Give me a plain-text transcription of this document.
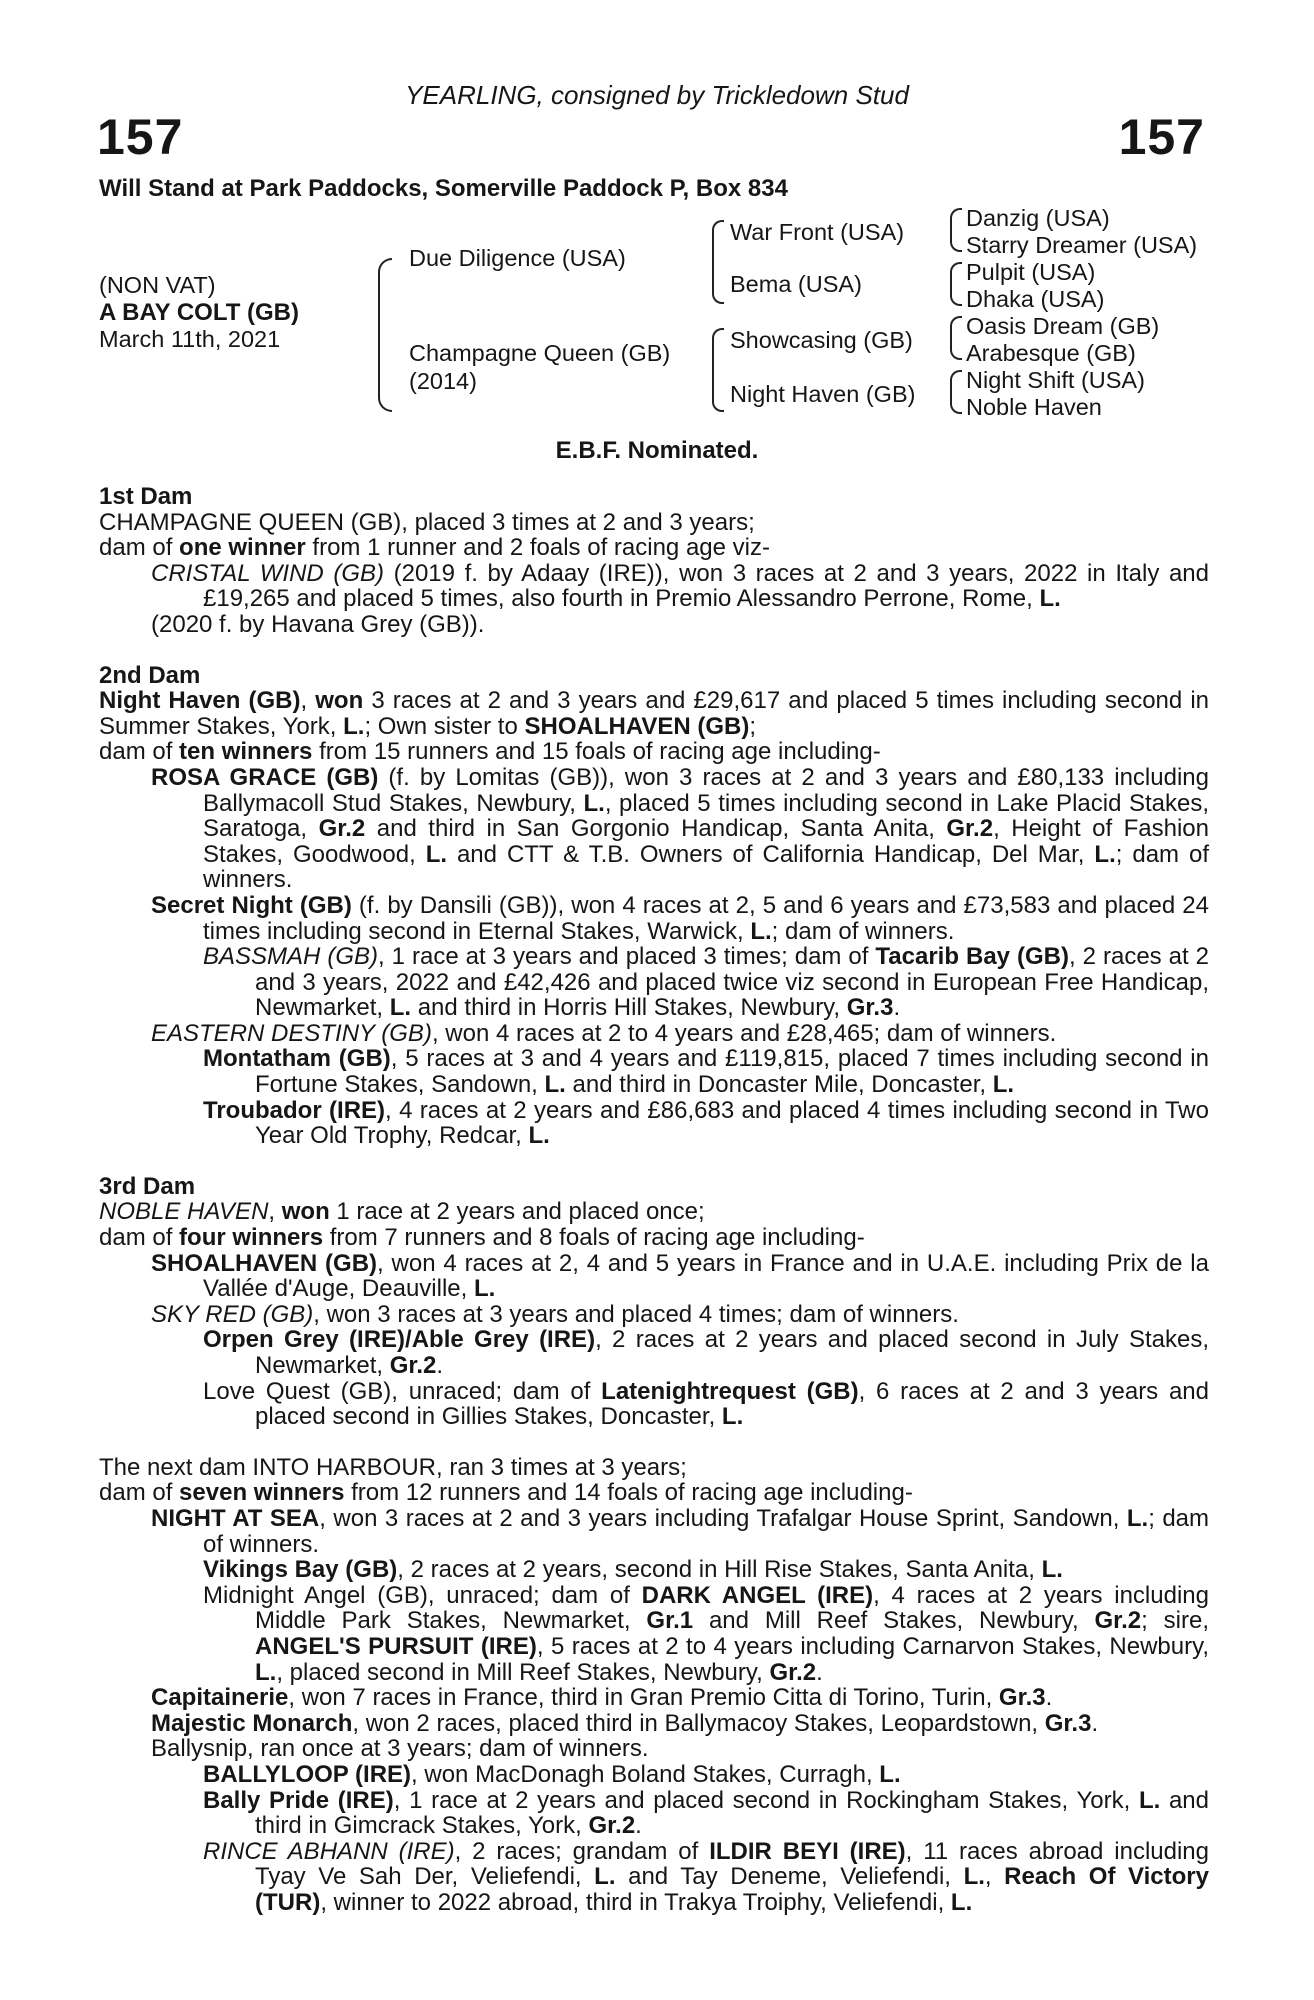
YEARLING, consigned by Trickledown Stud
157	157
Will Stand at Park Paddocks, Somerville Paddock P, Box 834
(NON VAT)
A BAY COLT (GB)
March 11th, 2021
Due Diligence (USA)
Champagne Queen (GB)
(2014)
War Front (USA)
Bema (USA)
Showcasing (GB)
Night Haven (GB)
Danzig (USA)
Starry Dreamer (USA)
Pulpit (USA)
Dhaka (USA)
Oasis Dream (GB)
Arabesque (GB)
Night Shift (USA)
Noble Haven
E.B.F. Nominated.

1st Dam

CHAMPAGNE QUEEN (GB), placed 3 times at 2 and 3 years;

dam of one winner from 1 runner and 2 foals of racing age viz-

CRISTAL WIND (GB) (2019 f. by Adaay (IRE)), won 3 races at 2 and 3 years, 2022 in Italy and £19,265 and placed 5 times, also fourth in Premio Alessandro Perrone, Rome, L.

(2020 f. by Havana Grey (GB)).

2nd Dam

Night Haven (GB), won 3 races at 2 and 3 years and £29,617 and placed 5 times including second in Summer Stakes, York, L.; Own sister to SHOALHAVEN (GB);

dam of ten winners from 15 runners and 15 foals of racing age including-

ROSA GRACE (GB) (f. by Lomitas (GB)), won 3 races at 2 and 3 years and £80,133 including Ballymacoll Stud Stakes, Newbury, L., placed 5 times including second in Lake Placid Stakes, Saratoga, Gr.2 and third in San Gorgonio Handicap, Santa Anita, Gr.2, Height of Fashion Stakes, Goodwood, L. and CTT & T.B. Owners of California Handicap, Del Mar, L.; dam of winners.

Secret Night (GB) (f. by Dansili (GB)), won 4 races at 2, 5 and 6 years and £73,583 and placed 24 times including second in Eternal Stakes, Warwick, L.; dam of winners.

BASSMAH (GB), 1 race at 3 years and placed 3 times; dam of Tacarib Bay (GB), 2 races at 2 and 3 years, 2022 and £42,426 and placed twice viz second in European Free Handicap, Newmarket, L. and third in Horris Hill Stakes, Newbury, Gr.3.

EASTERN DESTINY (GB), won 4 races at 2 to 4 years and £28,465; dam of winners.

Montatham (GB), 5 races at 3 and 4 years and £119,815, placed 7 times including second in Fortune Stakes, Sandown, L. and third in Doncaster Mile, Doncaster, L.

Troubador (IRE), 4 races at 2 years and £86,683 and placed 4 times including second in Two Year Old Trophy, Redcar, L.

3rd Dam

NOBLE HAVEN, won 1 race at 2 years and placed once;

dam of four winners from 7 runners and 8 foals of racing age including-

SHOALHAVEN (GB), won 4 races at 2, 4 and 5 years in France and in U.A.E. including Prix de la Vallée d'Auge, Deauville, L.

SKY RED (GB), won 3 races at 3 years and placed 4 times; dam of winners.

Orpen Grey (IRE)/Able Grey (IRE), 2 races at 2 years and placed second in July Stakes, Newmarket, Gr.2.

Love Quest (GB), unraced; dam of Latenightrequest (GB), 6 races at 2 and 3 years and placed second in Gillies Stakes, Doncaster, L.

The next dam INTO HARBOUR, ran 3 times at 3 years;

dam of seven winners from 12 runners and 14 foals of racing age including-

NIGHT AT SEA, won 3 races at 2 and 3 years including Trafalgar House Sprint, Sandown, L.; dam of winners.

Vikings Bay (GB), 2 races at 2 years, second in Hill Rise Stakes, Santa Anita, L.

Midnight Angel (GB), unraced; dam of DARK ANGEL (IRE), 4 races at 2 years including Middle Park Stakes, Newmarket, Gr.1 and Mill Reef Stakes, Newbury, Gr.2; sire, ANGEL'S PURSUIT (IRE), 5 races at 2 to 4 years including Carnarvon Stakes, Newbury, L., placed second in Mill Reef Stakes, Newbury, Gr.2.

Capitainerie, won 7 races in France, third in Gran Premio Citta di Torino, Turin, Gr.3.

Majestic Monarch, won 2 races, placed third in Ballymacoy Stakes, Leopardstown, Gr.3.

Ballysnip, ran once at 3 years; dam of winners.

BALLYLOOP (IRE), won MacDonagh Boland Stakes, Curragh, L.

Bally Pride (IRE), 1 race at 2 years and placed second in Rockingham Stakes, York, L. and third in Gimcrack Stakes, York, Gr.2.

RINCE ABHANN (IRE), 2 races; grandam of ILDIR BEYI (IRE), 11 races abroad including Tyay Ve Sah Der, Veliefendi, L. and Tay Deneme, Veliefendi, L., Reach Of Victory (TUR), winner to 2022 abroad, third in Trakya Troiphy, Veliefendi, L.
